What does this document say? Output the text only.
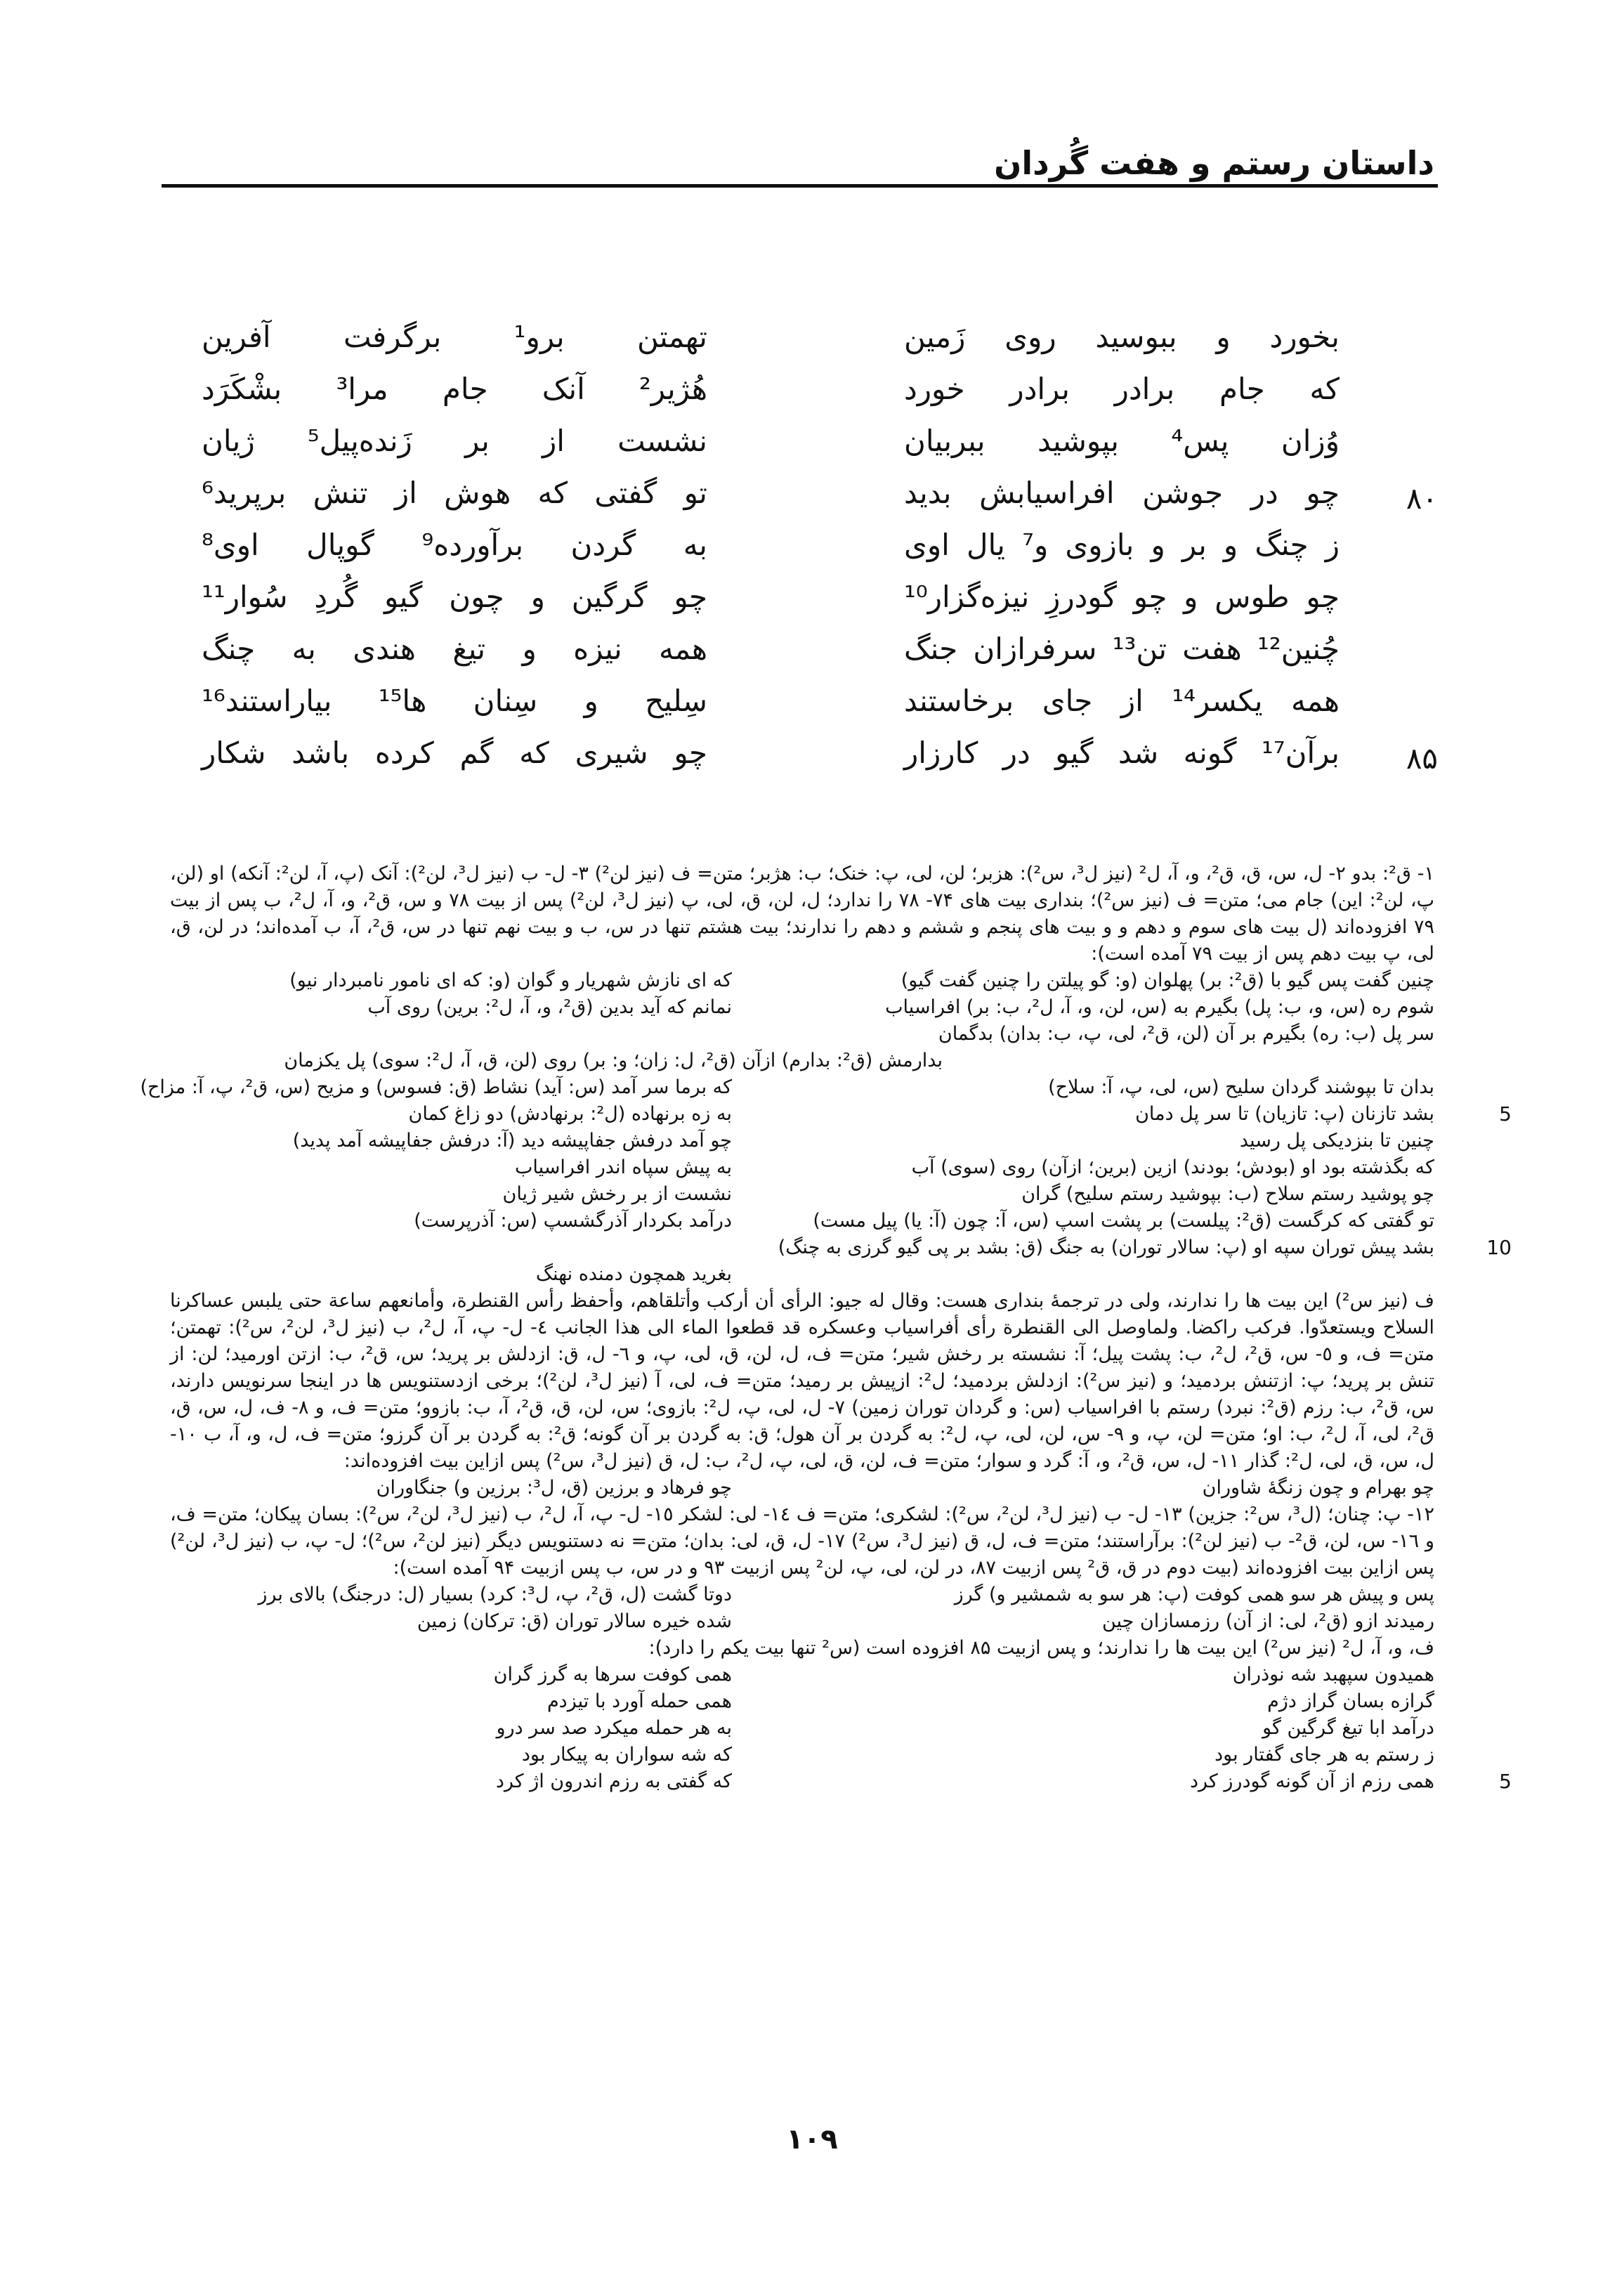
داستان رستم و هفت گُردان
بخورد و ببوسید روی زَمین
تهمتن برو¹ برگرفت آفرین
که جام برادر برادر خورد
هُژیر² آنک جام مرا³ بشْکَرَد
وُزان پس⁴ بپوشید ببربیان
نشست از بر زَنده‌پیل⁵ ژیان
۸۰
چو در جوشن افراسیابش بدید
تو گفتی که هوش از تنش برپرید⁶
ز چنگ و بر و بازوی و⁷ یال اوی
به گردن برآورده⁹ گوپال اوی⁸
چو طوس و چو گودرزِ نیزه‌گزار¹⁰
چو گرگین و چون گیو گُردِ سُوار¹¹
چُنین¹² هفت تن¹³ سرفرازان جنگ
همه نیزه و تیغ هندی به چنگ
همه یکسر¹⁴ از جای برخاستند
سِلیح و سِنان ها¹⁵ بیاراستند¹⁶
۸۵
برآن¹⁷ گونه شد گیو در کارزار
چو شیری که گم کرده باشد شکار

۱- ق²: بدو ۲- ل، س، ق، ق²، و، آ، ل² (نیز ل³، س²): هزبر؛ لن، لی، پ: خنک؛ ب: هژبر؛ متن= ف (نیز لن²) ۳- ل- ب (نیز ل³، لن²): آنک (پ، آ، لن²: آنکه) او (لن، پ، لن²: این) جام می؛ متن= ف (نیز س²)؛ بنداری بیت های ۷۴- ۷۸ را ندارد؛ ل، لن، ق، لی، پ (نیز ل³، لن²) پس از بیت ۷۸ و س، ق²، و، آ، ل²، ب پس از بیت ۷۹ افزوده‌اند (ل بیت های سوم و دهم و و بیت های پنجم و ششم و دهم را ندارند؛ بیت هشتم تنها در س، ب و بیت نهم تنها در س، ق²، آ، ب آمده‌اند؛ در لن، ق، لی، پ بیت دهم پس از بیت ۷۹ آمده است):

چنین گفت پس گیو با (ق²: بر) پهلوان (و: گو پیلتن را چنین گفت گیو)
که ای نازش شهریار و گوان (و: که ای نامور نامبردار نیو)
شوم ره (س، و، ب: پل) بگیرم به (س، لن، و، آ، ل²، ب: بر) افراسیاب
نمانم که آید بدین (ق²، و، آ، ل²: برین) روی آب
سر پل (ب: ره) بگیرم بر آن (لن، ق²، لی، پ، ب: بدان) بدگمان
بدارمش (ق²: بدارم) ازآن (ق²، ل: زان؛ و: بر) روی (لن، ق، آ، ل²: سوی) پل یکزمان
بدان تا بپوشند گردان سلیح (س، لی، پ، آ: سلاح)
که برما سر آمد (س: آید) نشاط (ق: فسوس) و مزیح (س، ق²، پ، آ: مزاح)
5
بشد تازنان (پ: تازیان) تا سر پل دمان
به زه برنهاده (ل²: برنهادش) دو زاغ کمان
چنین تا بنزدیکی پل رسید
چو آمد درفش جفاپیشه دید (آ: درفش جفاپیشه آمد پدید)
که بگذشته بود او (بودش؛ بودند) ازین (برین؛ ازآن) روی (سوی) آب
به پیش سپاه اندر افراسیاب
چو پوشید رستم سلاح (ب: بپوشید رستم سلیح) گران
نشست از بر رخش شیر ژیان
تو گفتی که کرگست (ق²: پیلست) بر پشت اسپ (س، آ: چون (آ: یا) پیل مست)
درآمد بکردار آذرگشسپ (س: آذرپرست)
10
بشد پیش توران سپه او (پ: سالار توران) به جنگ (ق: بشد بر پی گیو گرزی به چنگ)
بغرید همچون دمنده نهنگ

ف (نیز س²) این بیت ها را ندارند، ولی در ترجمهٔ بنداری هست: وقال له جیو: الرأی أن أرکب وأتلقاهم، وأحفظ رأس القنطرة، وأمانعهم ساعة حتی یلبس عساکرنا السلاح ویستعدّوا. فرکب راکضا. ولماوصل الی القنطرة رأی أفراسیاب وعسکره قد قطعوا الماء الی هذا الجانب ٤- ل- پ، آ، ل²، ب (نیز ل³، لن²، س²): تهمتن؛ متن= ف، و ٥- س، ق²، ل²، ب: پشت پیل؛ آ: نشسته بر رخش شیر؛ متن= ف، ل، لن، ق، لی، پ، و ٦- ل، ق: ازدلش بر پرید؛ س، ق²، ب: ازتن اورمید؛ لن: از تنش بر پرید؛ پ: ازتنش بردمید؛ و (نیز س²): ازدلش بردمید؛ ل²: ازپیش بر رمید؛ متن= ف، لی، آ (نیز ل³، لن²)؛ برخی ازدستنویس ها در اینجا سرنویس دارند، س، ق²، ب: رزم (ق²: نبرد) رستم با افراسیاب (س: و گردان توران زمین) ٧- ل، لی، پ، ل²: بازوی؛ س، لن، ق، ق²، آ، ب: بازوو؛ متن= ف، و ٨- ف، ل، س، ق، ق²، لی، آ، ل²، ب: او؛ متن= لن، پ، و ٩- س، لن، لی، پ، ل²: به گردن بر آن هول؛ ق: به گردن بر آن گونه؛ ق²: به گردن بر آن گرزو؛ متن= ف، ل، و، آ، ب ١٠- ل، س، ق، لی، ل²: گذار ١١- ل، س، ق²، و، آ: گرد و سوار؛ متن= ف، لن، ق، لی، پ، ل²، ب: ل، ق (نیز ل³، س²) پس ازاین بیت افزوده‌اند:

چو بهرام و چون زنگهٔ شاوران
چو فرهاد و برزین (ق، ل³: برزین و) جنگاوران

١٢- پ: چنان؛ (ل³، س²: جزین) ١٣- ل- ب (نیز ل³، لن²، س²): لشکری؛ متن= ف ١٤- لی: لشکر ١٥- ل- پ، آ، ل²، ب (نیز ل³، لن²، س²): بسان پیکان؛ متن= ف، و ١٦- س، لن، ق²- ب (نیز لن²): برآراستند؛ متن= ف، ل، ق (نیز ل³، س²) ١٧- ل، ق، لی: بدان؛ متن= نه دستنویس دیگر (نیز لن²، س²)؛ ل- پ، ب (نیز ل³، لن²) پس ازاین بیت افزوده‌اند (بیت دوم در ق، ق² پس ازبیت ۸۷، در لن، لی، پ، لن² پس ازبیت ۹۳ و در س، ب پس ازبیت ۹۴ آمده است):

پس و پیش هر سو همی کوفت (پ: هر سو به شمشیر و) گرز
دوتا گشت (ل، ق²، پ، ل³: کرد) بسیار (ل: درجنگ) بالای برز
رمیدند ازو (ق²، لی: از آن) رزمسازان چین
شده خیره سالار توران (ق: ترکان) زمین

ف، و، آ، ل² (نیز س²) این بیت ها را ندارند؛ و پس ازبیت ۸۵ افزوده است (س² تنها بیت یکم را دارد):

همیدون سپهبد شه نوذران
همی کوفت سرها به گرز گران
گرازه بسان گراز دژم
همی حمله آورد با تیزدم
درآمد ابا تیغ گرگین گو
به هر حمله میکرد صد سر درو
ز رستم به هر جای گفتار بود
که شه سواران به پیکار بود
5
همی رزم از آن گونه گودرز کرد
که گفتی به رزم اندرون اژ کرد
۱۰۹
